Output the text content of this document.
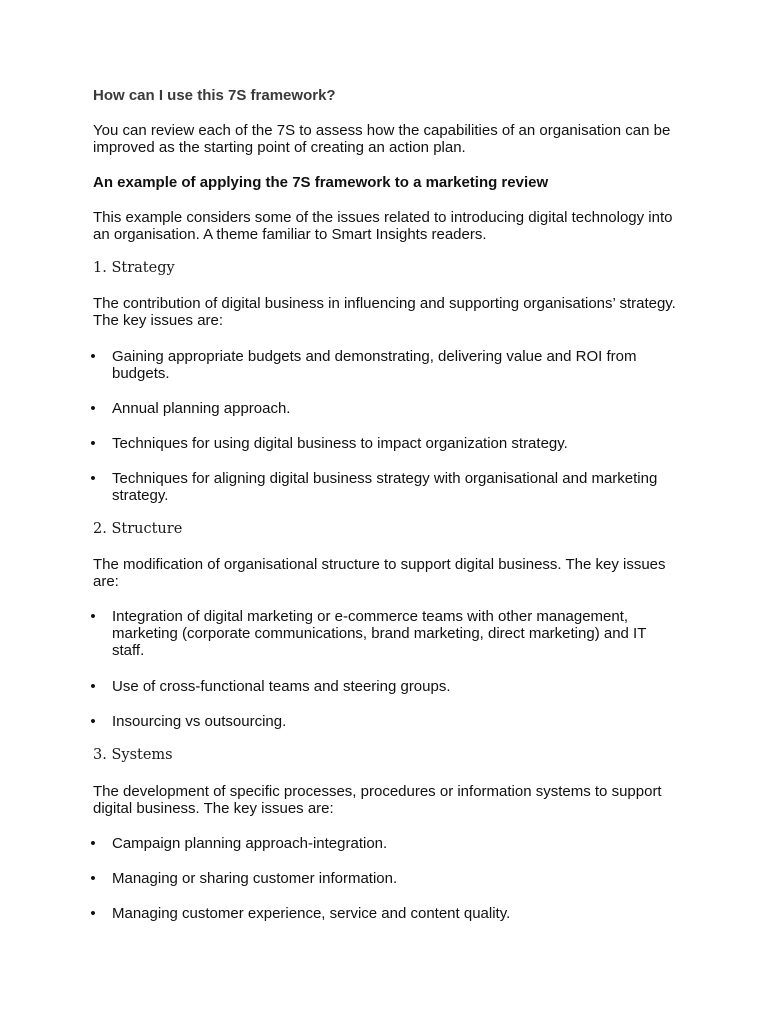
How can I use this 7S framework?
You can review each of the 7S to assess how the capabilities of an organisation can be improved as the starting point of creating an action plan.
An example of applying the 7S framework to a marketing review
This example considers some of the issues related to introducing digital technology into an organisation. A theme familiar to Smart Insights readers.
1. Strategy
The contribution of digital business in influencing and supporting organisations’ strategy. The key issues are:
• Gaining appropriate budgets and demonstrating, delivering value and ROI from budgets.
• Annual planning approach.
• Techniques for using digital business to impact organization strategy.
• Techniques for aligning digital business strategy with organisational and marketing strategy.
2. Structure
The modification of organisational structure to support digital business. The key issues are:
• Integration of digital marketing or e-commerce teams with other management, marketing (corporate communications, brand marketing, direct marketing) and IT staff.
• Use of cross-functional teams and steering groups.
• Insourcing vs outsourcing.
3. Systems
The development of specific processes, procedures or information systems to support digital business. The key issues are:
• Campaign planning approach-integration.
• Managing or sharing customer information.
• Managing customer experience, service and content quality.
